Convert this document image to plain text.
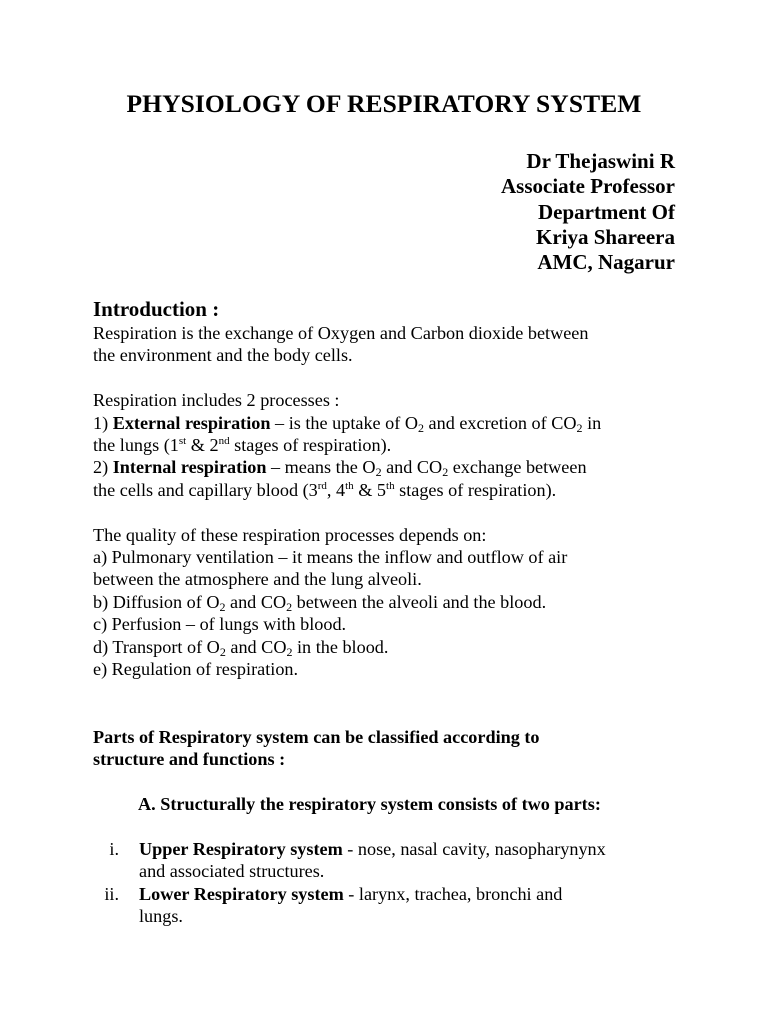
PHYSIOLOGY OF RESPIRATORY SYSTEM
Dr Thejaswini R
Associate Professor
Department Of
Kriya Shareera
AMC, Nagarur
Introduction :
Respiration is the exchange of Oxygen and Carbon dioxide between
the environment and the body cells.
Respiration includes 2 processes :
1) External respiration – is the uptake of $O_2$ and excretion of $CO_2$ in
the lungs (1st & 2nd stages of respiration).
2) Internal respiration – means the $O_2$ and $CO_2$ exchange between
the cells and capillary blood (3rd, 4th & 5th stages of respiration).
The quality of these respiration processes depends on:
a) Pulmonary ventilation – it means the inflow and outflow of air
between the atmosphere and the lung alveoli.
b) Diffusion of $O_2$ and $CO_2$ between the alveoli and the blood.
c) Perfusion – of lungs with blood.
d) Transport of $O_2$ and $CO_2$ in the blood.
e) Regulation of respiration.
Parts of Respiratory system can be classified according to
structure and functions :
A. Structurally the respiratory system consists of two parts:
i. Upper Respiratory system - nose, nasal cavity, nasopharynynx
and associated structures.
ii. Lower Respiratory system - larynx, trachea, bronchi and
lungs.
